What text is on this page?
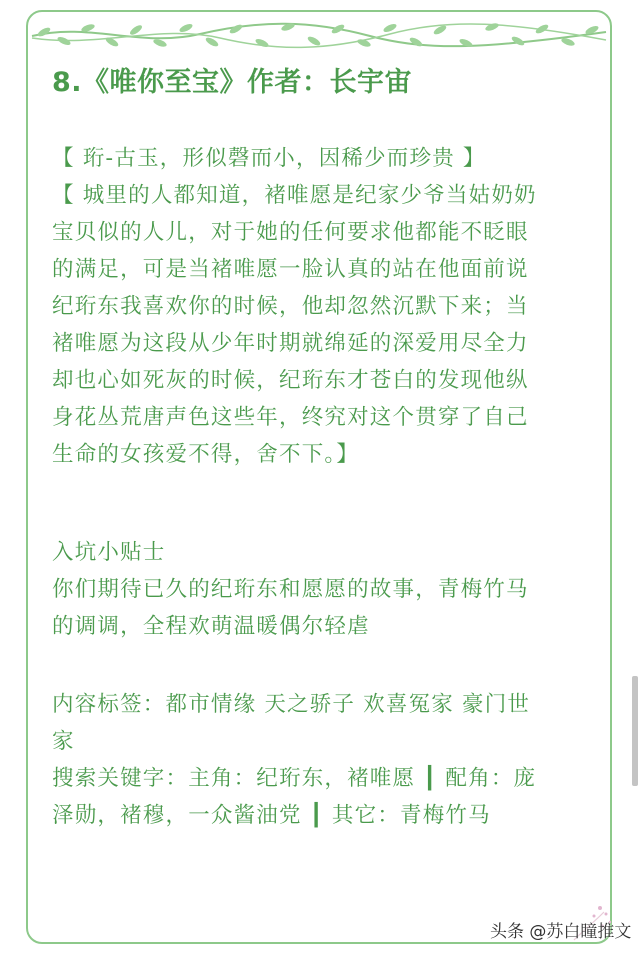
8.《唯你至宝》作者：长宇宙
【 珩-古玉，形似磬而小，因稀少而珍贵 】
【 城里的人都知道，褚唯愿是纪家少爷当姑奶奶
宝贝似的人儿，对于她的任何要求他都能不眨眼
的满足，可是当褚唯愿一脸认真的站在他面前说
纪珩东我喜欢你的时候，他却忽然沉默下来；当
褚唯愿为这段从少年时期就绵延的深爱用尽全力
却也心如死灰的时候，纪珩东才苍白的发现他纵
身花丛荒唐声色这些年，终究对这个贯穿了自己
生命的女孩爱不得，舍不下。】
入坑小贴士
你们期待已久的纪珩东和愿愿的故事，青梅竹马
的调调，全程欢萌温暖偶尔轻虐
内容标签：都市情缘 天之骄子 欢喜冤家 豪门世
家
搜索关键字：主角：纪珩东，褚唯愿 ┃ 配角：庞
泽勋，褚穆，一众酱油党 ┃ 其它：青梅竹马
头条 @苏白瞳推文
